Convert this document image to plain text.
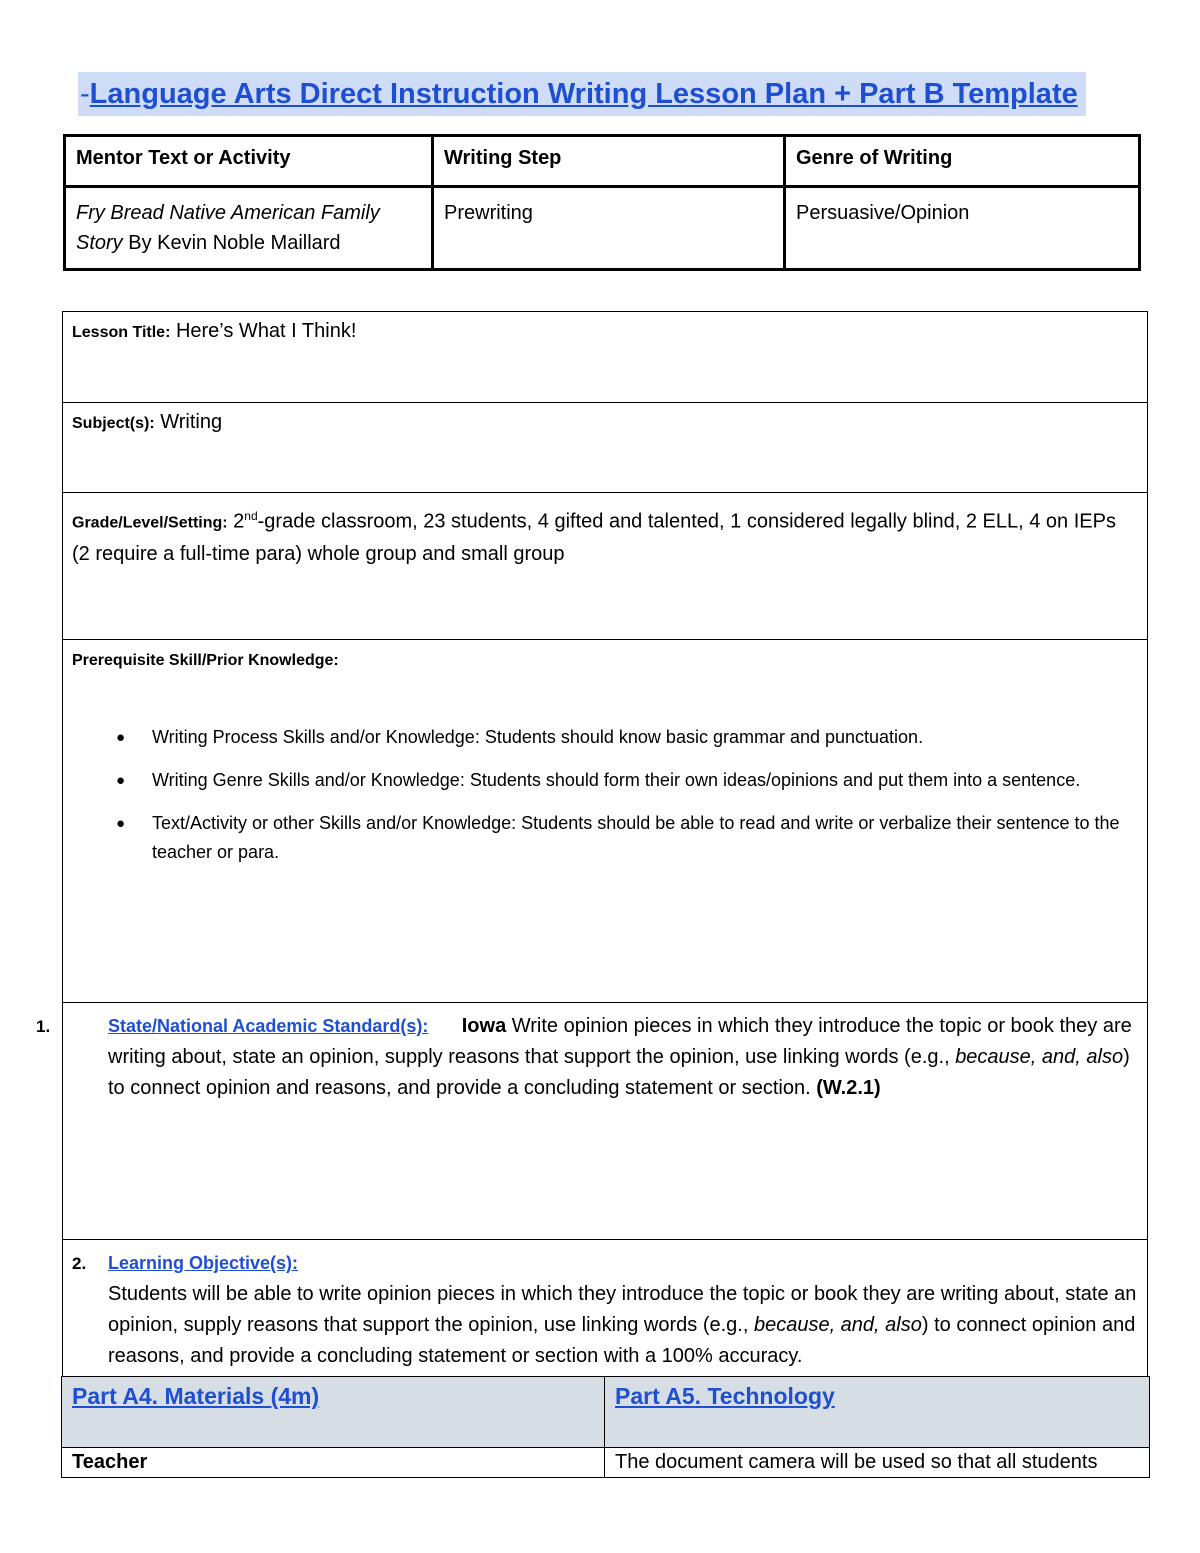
-Language Arts Direct Instruction Writing Lesson Plan + Part B Template
Mentor Text or Activity	Writing Step	Genre of Writing
Fry Bread Native American Family Story By Kevin Noble Maillard	Prewriting	Persuasive/Opinion
Lesson Title: Here’s What I Think!
Subject(s): Writing
Grade/Level/Setting: 2nd-grade classroom, 23 students, 4 gifted and talented, 1 considered legally blind, 2 ELL, 4 on IEPs (2 require a full-time para) whole group and small group
Prerequisite Skill/Prior Knowledge:
● Writing Process Skills and/or Knowledge: Students should know basic grammar and punctuation.
● Writing Genre Skills and/or Knowledge: Students should form their own ideas/opinions and put them into a sentence.
● Text/Activity or other Skills and/or Knowledge: Students should be able to read and write or verbalize their sentence to the teacher or para.

1.	State/National Academic Standard(s): Iowa Write opinion pieces in which they introduce the topic or book they are writing about, state an opinion, supply reasons that support the opinion, use linking words (e.g., because, and, also) to connect opinion and reasons, and provide a concluding statement or section. (W.2.1)

2. Learning Objective(s):
Students will be able to write opinion pieces in which they introduce the topic or book they are writing about, state an opinion, supply reasons that support the opinion, use linking words (e.g., because, and, also) to connect opinion and reasons, and provide a concluding statement or section with a 100% accuracy.
Part A4. Materials (4m)	Part A5. Technology
Teacher	The document camera will be used so that all students
